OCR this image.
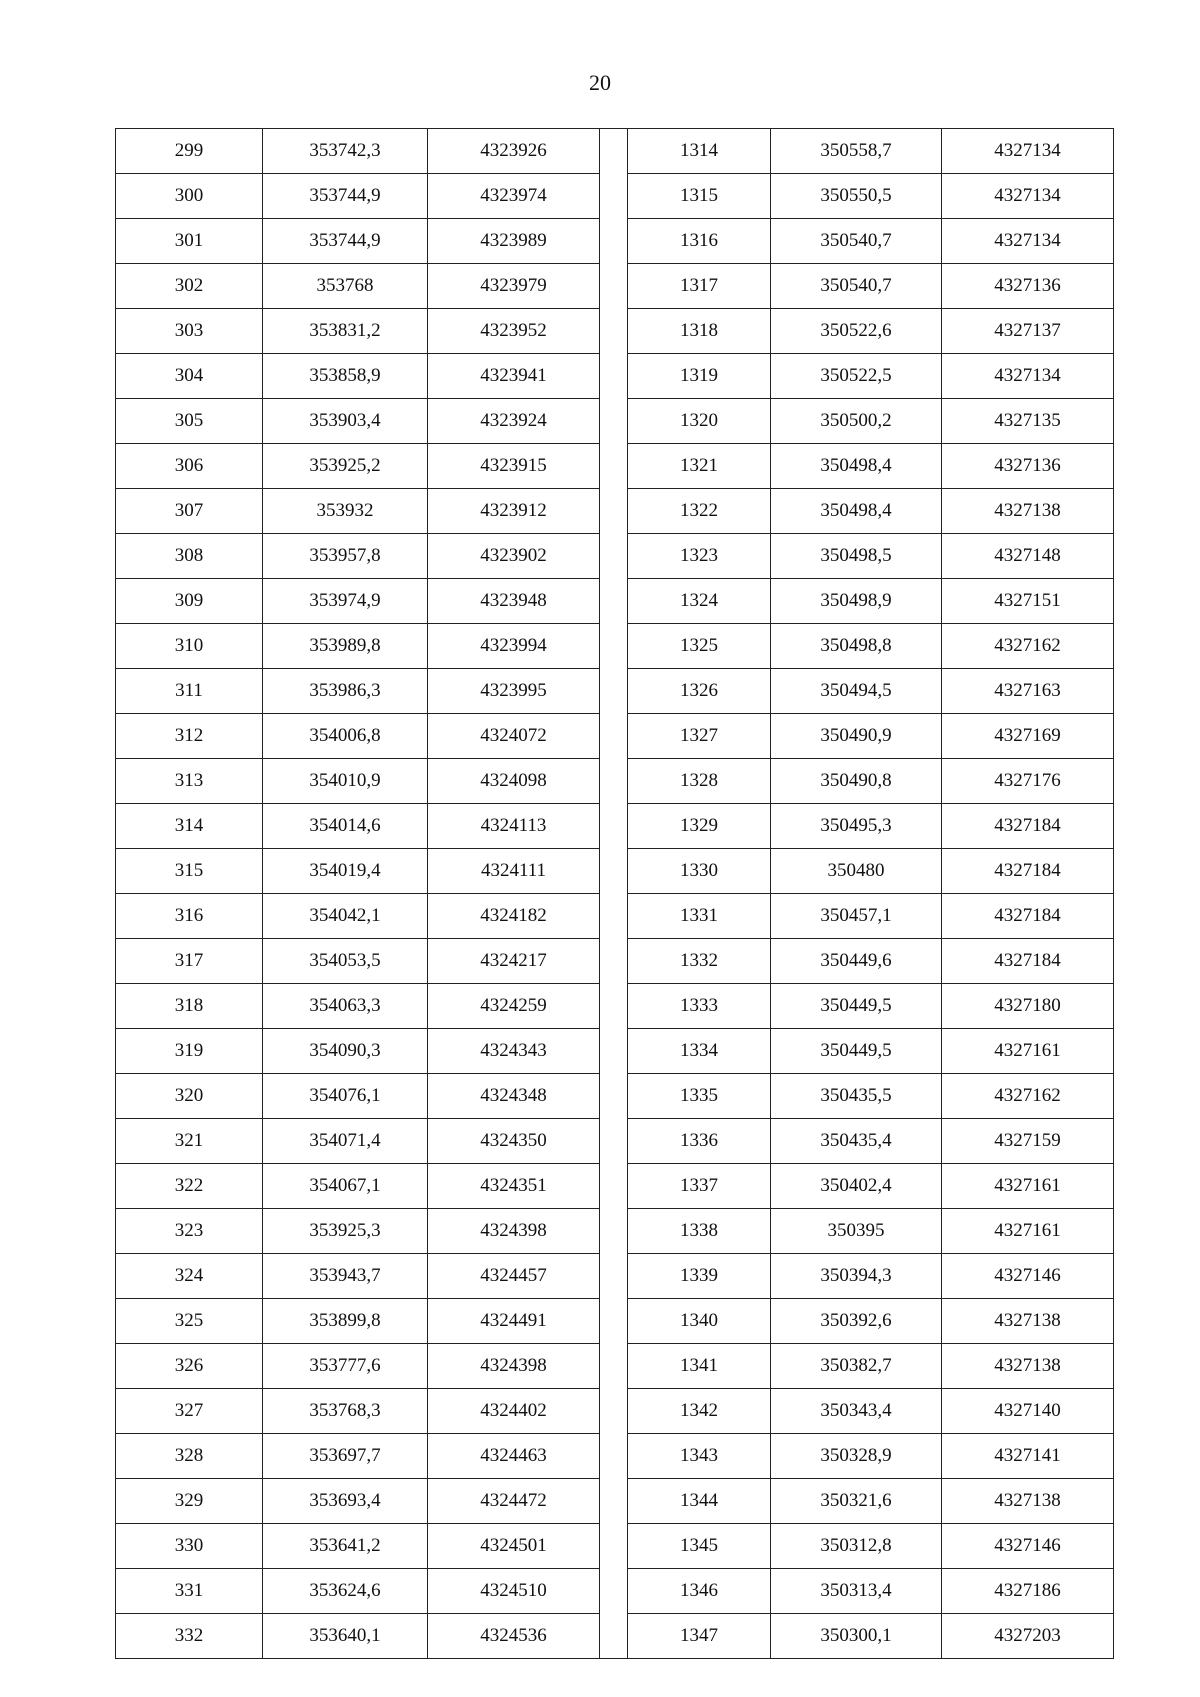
20
299	353742,3	4323926		1314	350558,7	4327134
300	353744,9	4323974		1315	350550,5	4327134
301	353744,9	4323989		1316	350540,7	4327134
302	353768	4323979		1317	350540,7	4327136
303	353831,2	4323952		1318	350522,6	4327137
304	353858,9	4323941		1319	350522,5	4327134
305	353903,4	4323924		1320	350500,2	4327135
306	353925,2	4323915		1321	350498,4	4327136
307	353932	4323912		1322	350498,4	4327138
308	353957,8	4323902		1323	350498,5	4327148
309	353974,9	4323948		1324	350498,9	4327151
310	353989,8	4323994		1325	350498,8	4327162
311	353986,3	4323995		1326	350494,5	4327163
312	354006,8	4324072		1327	350490,9	4327169
313	354010,9	4324098		1328	350490,8	4327176
314	354014,6	4324113		1329	350495,3	4327184
315	354019,4	4324111		1330	350480	4327184
316	354042,1	4324182		1331	350457,1	4327184
317	354053,5	4324217		1332	350449,6	4327184
318	354063,3	4324259		1333	350449,5	4327180
319	354090,3	4324343		1334	350449,5	4327161
320	354076,1	4324348		1335	350435,5	4327162
321	354071,4	4324350		1336	350435,4	4327159
322	354067,1	4324351		1337	350402,4	4327161
323	353925,3	4324398		1338	350395	4327161
324	353943,7	4324457		1339	350394,3	4327146
325	353899,8	4324491		1340	350392,6	4327138
326	353777,6	4324398		1341	350382,7	4327138
327	353768,3	4324402		1342	350343,4	4327140
328	353697,7	4324463		1343	350328,9	4327141
329	353693,4	4324472		1344	350321,6	4327138
330	353641,2	4324501		1345	350312,8	4327146
331	353624,6	4324510		1346	350313,4	4327186
332	353640,1	4324536		1347	350300,1	4327203
